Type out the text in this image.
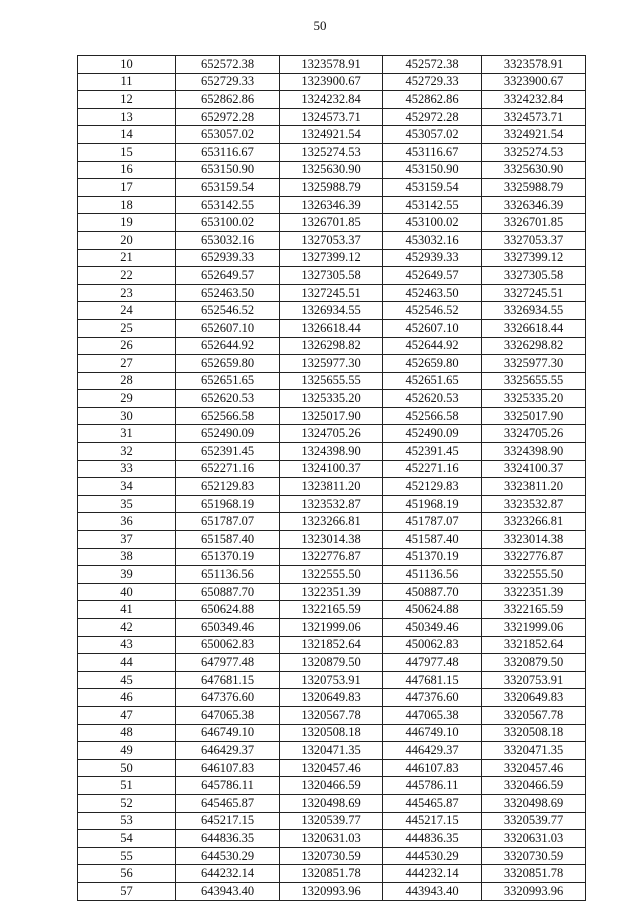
50
10	652572.38	1323578.91	452572.38	3323578.91
11	652729.33	1323900.67	452729.33	3323900.67
12	652862.86	1324232.84	452862.86	3324232.84
13	652972.28	1324573.71	452972.28	3324573.71
14	653057.02	1324921.54	453057.02	3324921.54
15	653116.67	1325274.53	453116.67	3325274.53
16	653150.90	1325630.90	453150.90	3325630.90
17	653159.54	1325988.79	453159.54	3325988.79
18	653142.55	1326346.39	453142.55	3326346.39
19	653100.02	1326701.85	453100.02	3326701.85
20	653032.16	1327053.37	453032.16	3327053.37
21	652939.33	1327399.12	452939.33	3327399.12
22	652649.57	1327305.58	452649.57	3327305.58
23	652463.50	1327245.51	452463.50	3327245.51
24	652546.52	1326934.55	452546.52	3326934.55
25	652607.10	1326618.44	452607.10	3326618.44
26	652644.92	1326298.82	452644.92	3326298.82
27	652659.80	1325977.30	452659.80	3325977.30
28	652651.65	1325655.55	452651.65	3325655.55
29	652620.53	1325335.20	452620.53	3325335.20
30	652566.58	1325017.90	452566.58	3325017.90
31	652490.09	1324705.26	452490.09	3324705.26
32	652391.45	1324398.90	452391.45	3324398.90
33	652271.16	1324100.37	452271.16	3324100.37
34	652129.83	1323811.20	452129.83	3323811.20
35	651968.19	1323532.87	451968.19	3323532.87
36	651787.07	1323266.81	451787.07	3323266.81
37	651587.40	1323014.38	451587.40	3323014.38
38	651370.19	1322776.87	451370.19	3322776.87
39	651136.56	1322555.50	451136.56	3322555.50
40	650887.70	1322351.39	450887.70	3322351.39
41	650624.88	1322165.59	450624.88	3322165.59
42	650349.46	1321999.06	450349.46	3321999.06
43	650062.83	1321852.64	450062.83	3321852.64
44	647977.48	1320879.50	447977.48	3320879.50
45	647681.15	1320753.91	447681.15	3320753.91
46	647376.60	1320649.83	447376.60	3320649.83
47	647065.38	1320567.78	447065.38	3320567.78
48	646749.10	1320508.18	446749.10	3320508.18
49	646429.37	1320471.35	446429.37	3320471.35
50	646107.83	1320457.46	446107.83	3320457.46
51	645786.11	1320466.59	445786.11	3320466.59
52	645465.87	1320498.69	445465.87	3320498.69
53	645217.15	1320539.77	445217.15	3320539.77
54	644836.35	1320631.03	444836.35	3320631.03
55	644530.29	1320730.59	444530.29	3320730.59
56	644232.14	1320851.78	444232.14	3320851.78
57	643943.40	1320993.96	443943.40	3320993.96
